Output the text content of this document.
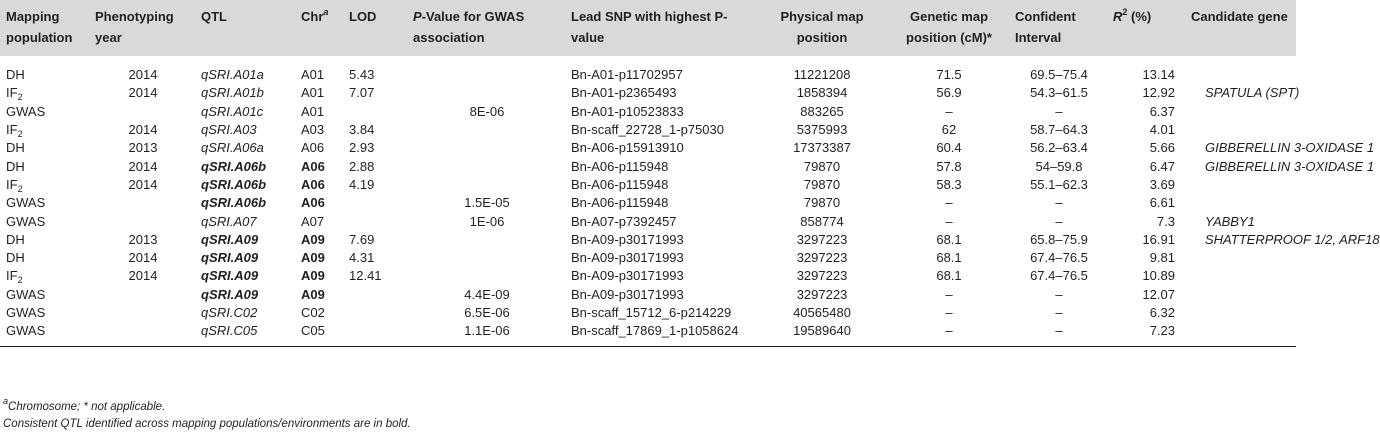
Mapping population	Phenotyping year	QTL	Chr$^a$	LOD	P-Value for GWAS association	Lead SNP with highest P-value	Physical map position	Genetic map position (cM)*	Confident Interval	$R^2$ (%)	Candidate gene
DH	2014	qSRI.A01a	A01	5.43		Bn-A01-p11702957	11221208	71.5	69.5–75.4	13.14	
$IF_2$	2014	qSRI.A01b	A01	7.07		Bn-A01-p2365493	1858394	56.9	54.3–61.5	12.92	SPATULA (SPT)
GWAS		qSRI.A01c	A01		8E-06	Bn-A01-p10523833	883265	–	–	6.37	
$IF_2$	2014	qSRI.A03	A03	3.84		Bn-scaff_22728_1-p75030	5375993	62	58.7–64.3	4.01	
DH	2013	qSRI.A06a	A06	2.93		Bn-A06-p15913910	17373387	60.4	56.2–63.4	5.66	GIBBERELLIN 3-OXIDASE 1
DH	2014	qSRI.A06b	A06	2.88		Bn-A06-p115948	79870	57.8	54–59.8	6.47	GIBBERELLIN 3-OXIDASE 1
$IF_2$	2014	qSRI.A06b	A06	4.19		Bn-A06-p115948	79870	58.3	55.1–62.3	3.69	
GWAS		qSRI.A06b	A06		1.5E-05	Bn-A06-p115948	79870	–	–	6.61	
GWAS		qSRI.A07	A07		1E-06	Bn-A07-p7392457	858774	–	–	7.3	YABBY1
DH	2013	qSRI.A09	A09	7.69		Bn-A09-p30171993	3297223	68.1	65.8–75.9	16.91	SHATTERPROOF 1/2, ARF18
DH	2014	qSRI.A09	A09	4.31		Bn-A09-p30171993	3297223	68.1	67.4–76.5	9.81	
$IF_2$	2014	qSRI.A09	A09	12.41		Bn-A09-p30171993	3297223	68.1	67.4–76.5	10.89	
GWAS		qSRI.A09	A09		4.4E-09	Bn-A09-p30171993	3297223	–	–	12.07	
GWAS		qSRI.C02	C02		6.5E-06	Bn-scaff_15712_6-p214229	40565480	–	–	6.32	
GWAS		qSRI.C05	C05		1.1E-06	Bn-scaff_17869_1-p1058624	19589640	–	–	7.23	
$^a$Chromosome; * not applicable.
Consistent QTL identified across mapping populations/environments are in bold.
